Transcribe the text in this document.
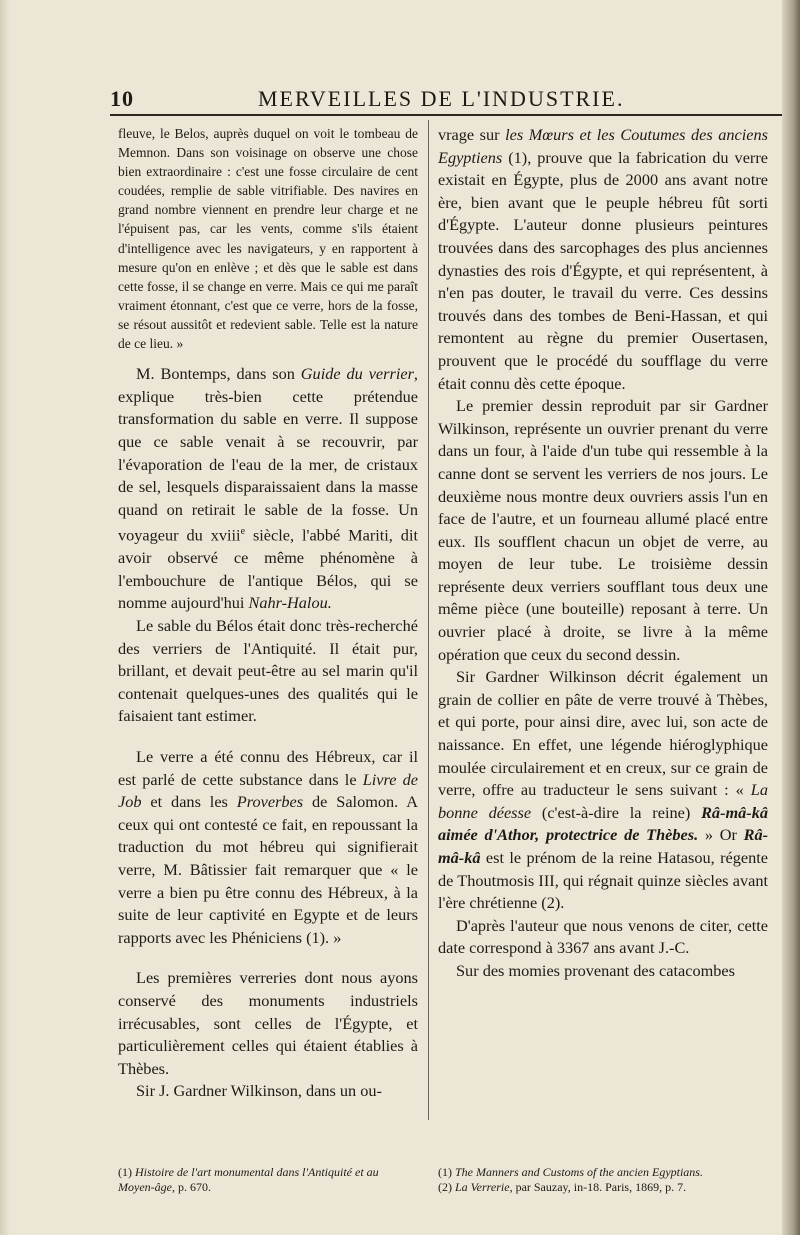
10	MERVEILLES DE L'INDUSTRIE.

fleuve, le Belos, auprès duquel on voit le tombeau de Memnon. Dans son voisinage on observe une chose bien extraordinaire : c'est une fosse circulaire de cent coudées, remplie de sable vitrifiable. Des navires en grand nombre viennent en prendre leur charge et ne l'épuisent pas, car les vents, comme s'ils étaient d'intelligence avec les navigateurs, y en rapportent à mesure qu'on en enlève ; et dès que le sable est dans cette fosse, il se change en verre. Mais ce qui me paraît vraiment étonnant, c'est que ce verre, hors de la fosse, se résout aussitôt et redevient sable. Telle est la nature de ce lieu. »

M. Bontemps, dans son Guide du verrier, explique très-bien cette prétendue transformation du sable en verre. Il suppose que ce sable venait à se recouvrir, par l'évaporation de l'eau de la mer, de cristaux de sel, lesquels disparaissaient dans la masse quand on retirait le sable de la fosse. Un voyageur du xviii$^e$ siècle, l'abbé Mariti, dit avoir observé ce même phénomène à l'embouchure de l'antique Bélos, qui se nomme aujourd'hui Nahr-Halou.

Le sable du Bélos était donc très-recherché des verriers de l'Antiquité. Il était pur, brillant, et devait peut-être au sel marin qu'il contenait quelques-unes des qualités qui le faisaient tant estimer.

Le verre a été connu des Hébreux, car il est parlé de cette substance dans le Livre de Job et dans les Proverbes de Salomon. A ceux qui ont contesté ce fait, en repoussant la traduction du mot hébreu qui signifierait verre, M. Bâtissier fait remarquer que « le verre a bien pu être connu des Hébreux, à la suite de leur captivité en Egypte et de leurs rapports avec les Phéniciens (1). »

Les premières verreries dont nous ayons conservé des monuments industriels irrécusables, sont celles de l'Égypte, et particulièrement celles qui étaient établies à Thèbes.

Sir J. Gardner Wilkinson, dans un ou-

(1) Histoire de l'art monumental dans l'Antiquité et au Moyen-âge, p. 670.

vrage sur les Mœurs et les Coutumes des anciens Egyptiens (1), prouve que la fabrication du verre existait en Égypte, plus de 2000 ans avant notre ère, bien avant que le peuple hébreu fût sorti d'Égypte. L'auteur donne plusieurs peintures trouvées dans des sarcophages des plus anciennes dynasties des rois d'Égypte, et qui représentent, à n'en pas douter, le travail du verre. Ces dessins trouvés dans des tombes de Beni-Hassan, et qui remontent au règne du premier Ousertasen, prouvent que le procédé du soufflage du verre était connu dès cette époque.

Le premier dessin reproduit par sir Gardner Wilkinson, représente un ouvrier prenant du verre dans un four, à l'aide d'un tube qui ressemble à la canne dont se servent les verriers de nos jours. Le deuxième nous montre deux ouvriers assis l'un en face de l'autre, et un fourneau allumé placé entre eux. Ils soufflent chacun un objet de verre, au moyen de leur tube. Le troisième dessin représente deux verriers soufflant tous deux une même pièce (une bouteille) reposant à terre. Un ouvrier placé à droite, se livre à la même opération que ceux du second dessin.

Sir Gardner Wilkinson décrit également un grain de collier en pâte de verre trouvé à Thèbes, et qui porte, pour ainsi dire, avec lui, son acte de naissance. En effet, une légende hiéroglyphique moulée circulairement et en creux, sur ce grain de verre, offre au traducteur le sens suivant : « La bonne déesse (c'est-à-dire la reine) Râ-mâ-kâ aimée d'Athor, protectrice de Thèbes. » Or Râ-mâ-kâ est le prénom de la reine Hatasou, régente de Thoutmosis III, qui régnait quinze siècles avant l'ère chrétienne (2).

D'après l'auteur que nous venons de citer, cette date correspond à 3367 ans avant J.-C.

Sur des momies provenant des catacombes

(1) The Manners and Customs of the ancien Egyptians.

(2) La Verrerie, par Sauzay, in-18. Paris, 1869, p. 7.
